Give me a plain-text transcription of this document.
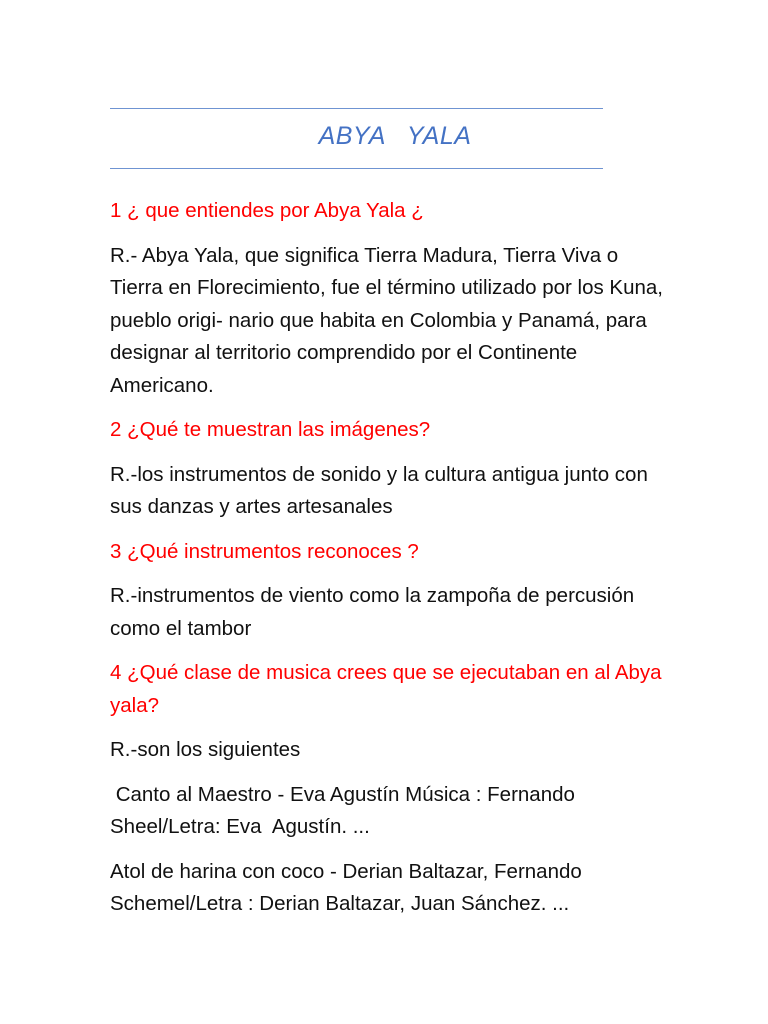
ABYA   YALA
1 ¿ que entiendes por Abya Yala ¿
R.- Abya Yala, que significa Tierra Madura, Tierra Viva o Tierra en Florecimiento, fue el término utilizado por los Kuna, pueblo origi- nario que habita en Colombia y Panamá, para designar al territorio comprendido por el Continente Americano.
2 ¿Qué te muestran las imágenes?
R.-los instrumentos de sonido y la cultura antigua junto con sus danzas y artes artesanales
3 ¿Qué instrumentos reconoces ?
R.-instrumentos de viento como la zampoña de percusión como el tambor
4 ¿Qué clase de musica crees que se ejecutaban en al Abya yala?
R.-son los siguientes
Canto al Maestro - Eva Agustín Música : Fernando Sheel/Letra: Eva  Agustín. ...
Atol de harina con coco - Derian Baltazar, Fernando Schemel/Letra : Derian Baltazar, Juan Sánchez. ...
